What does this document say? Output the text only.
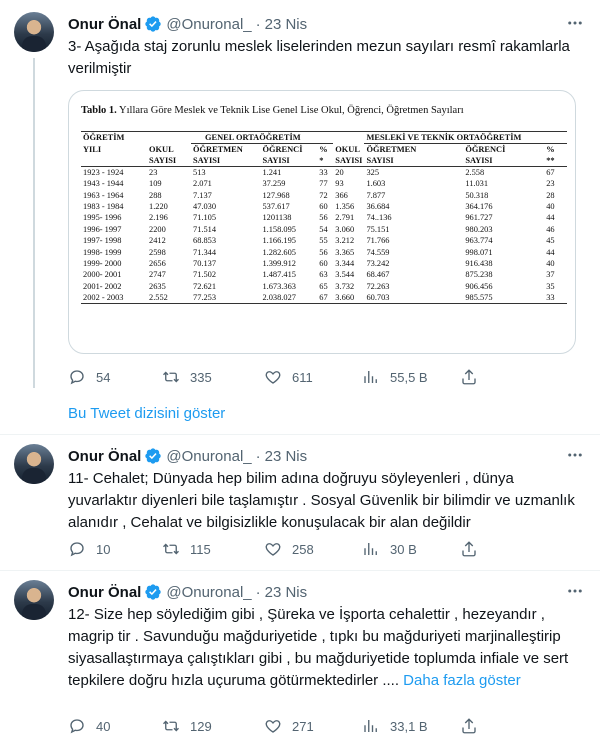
Onur Önal @Onuronal_ · 23 Nis
3- Aşağıda staj zorunlu meslek liselerinden mezun sayıları resmî rakamlarla verilmiştir
Tablo 1. Yıllara Göre Meslek ve Teknik Lise Genel Lise Okul, Öğrenci, Öğretmen Sayıları
ÖĞRETİM		GENEL ORTAÖĞRETİM				MESLEKİ VE TEKNİK ORTAÖĞRETİM		
YILI	OKUL	ÖĞRETMEN	ÖĞRENCİ	%	OKUL	ÖĞRETMEN	ÖĞRENCİ	%
	SAYISI	SAYISI	SAYISI	*	SAYISI	SAYISI	SAYISI	**
1923 - 1924	23	513	1.241	33	20	325	2.558	67
1943 - 1944	109	2.071	37.259	77	93	1.603	11.031	23
1963 - 1964	288	7.137	127.968	72	366	7.877	50.318	28
1983 - 1984	1.220	47.030	537.617	60	1.356	36.684	364.176	40
1995- 1996	2.196	71.105	1201138	56	2.791	74..136	961.727	44
1996- 1997	2200	71.514	1.158.095	54	3.060	75.151	980.203	46
1997- 1998	2412	68.853	1.166.195	55	3.212	71.766	963.774	45
1998- 1999	2598	71.344	1.282.605	56	3.365	74.559	998.071	44
1999- 2000	2656	70.137	1.399.912	60	3.344	73.242	916.438	40
2000- 2001	2747	71.502	1.487.415	63	3.544	68.467	875.238	37
2001- 2002	2635	72.621	1.673.363	65	3.732	72.263	906.456	35
2002 - 2003	2.552	77.253	2.038.027	67	3.660	60.703	985.575	33
54	335	611	55,5 B
Bu Tweet dizisini göster
Onur Önal @Onuronal_ · 23 Nis
11- Cehalet; Dünyada hep bilim adına doğruyu söyleyenleri , dünya yuvarlaktır diyenleri bile taşlamıştır . Sosyal Güvenlik bir bilimdir ve uzmanlık alanıdır , Cehalat ve bilgisizlikle konuşulacak bir alan değildir
10	115	258	30 B
Onur Önal @Onuronal_ · 23 Nis
12- Size hep söylediğim gibi , Şüreka ve İşporta cehalettir , hezeyandır , magrip tir . Savunduğu mağduriyetide , tıpkı bu mağduriyeti marjinalleştirip siyasallaştırmaya çalıştıkları gibi , bu mağduriyetide toplumda infiale ve sert tepkilere doğru hızla uçuruma götürmektedirler .... Daha fazla göster
40	129	271	33,1 B
